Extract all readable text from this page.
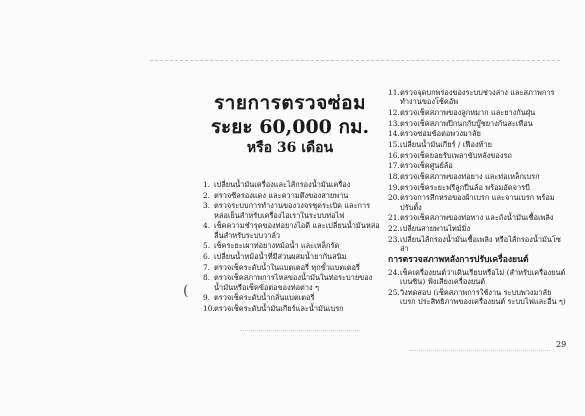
รายการตรวจซ่อม
ระยะ 60,000 กม.
หรือ 36 เดือน
(
1. เปลี่ยนน้ำมันเครื่องและไส้กรองน้ำมันเครื่อง
2. ตรวจซีลรองแดง และความตึงของสายพาน
3. ตรวจระบบการทำงานของวงจรชุดระเบิด และการหล่อเย็นสำหรับเครื่องไอเราในระบบท่อไฟ
4. เช็คความชำรุดของท่อยางไอดี และเปลี่ยนน้ำมันหล่อลื่นสำหรับระบบวาล์ว
5. เช็คระยะเผาท่อยางหม้อน้ำ และเหล็กรัด
6. เปลี่ยนน้ำหม้อน้ำที่มีส่วนผสมน้ำยากันสนิม
7. ตรวจเช็คระดับน้ำในแบตเตอรี่ ทุกขั้วแบตเตอรี่
8. ตรวจเช็คสภาพการไหลของน้ำมันในท่อระบายของน้ำมันหรือเช็คข้อต่อของท่อต่าง ๆ
9. ตรวจเช็คระดับน้ำกลั่นแบตเตอรี่
10. ตรวจเช็คระดับน้ำมันเกียร์และน้ำมันเบรก
11. ตรวจจุดบกพร่องของระบบช่วงล่าง และสภาพการทำงานของโช้คอัพ
12. ตรวจเช็คสภาพของลูกหมาก และยางกันฝุ่น
13. ตรวจเช็คสภาพปีกนกกับบู๊ชยางกันสะเทือน
14. ตรวจซ่อมข้อต่อพวงมาลัย
15. เปลี่ยนน้ำมันเกียร์ / เฟืองท้าย
16. ตรวจเช็คยอยรับเพลาขับหลังของรถ
17. ตรวจเช็คศูนย์ล้อ
18. ตรวจเช็คสภาพของท่อยาง และท่อเหล็กเบรก
19. ตรวจเช็คระยะฟรีลูกปืนล้อ พร้อมอัดจารบี
20. ตรวจการสึกหรอของผ้าเบรก และจานเบรก พร้อมปรับตั้ง
21. ตรวจเช็คสภาพของท่อทาง และถังน้ำมันเชื้อเพลิง
22. เปลี่ยนสายพานไทม์มิ่ง
23. เปลี่ยนไส้กรองน้ำมันเชื้อเพลิง หรือไส้กรองน้ำมันโซล่า
การตรวจสภาพหลังการปรับเครื่องยนต์
24. เช็คเครื่องยนต์ว่าเดินเรียบหรือไม่ (สำหรับเครื่องยนต์เบนซิน) ฟังเสียงเครื่องยนต์
25. วิ่งทดสอบ (เช็คสภาพการใช้งาน ระบบพวงมาลัย เบรก ประสิทธิภาพของเครื่องยนต์ ระบบไฟและอื่น ๆ)
29
